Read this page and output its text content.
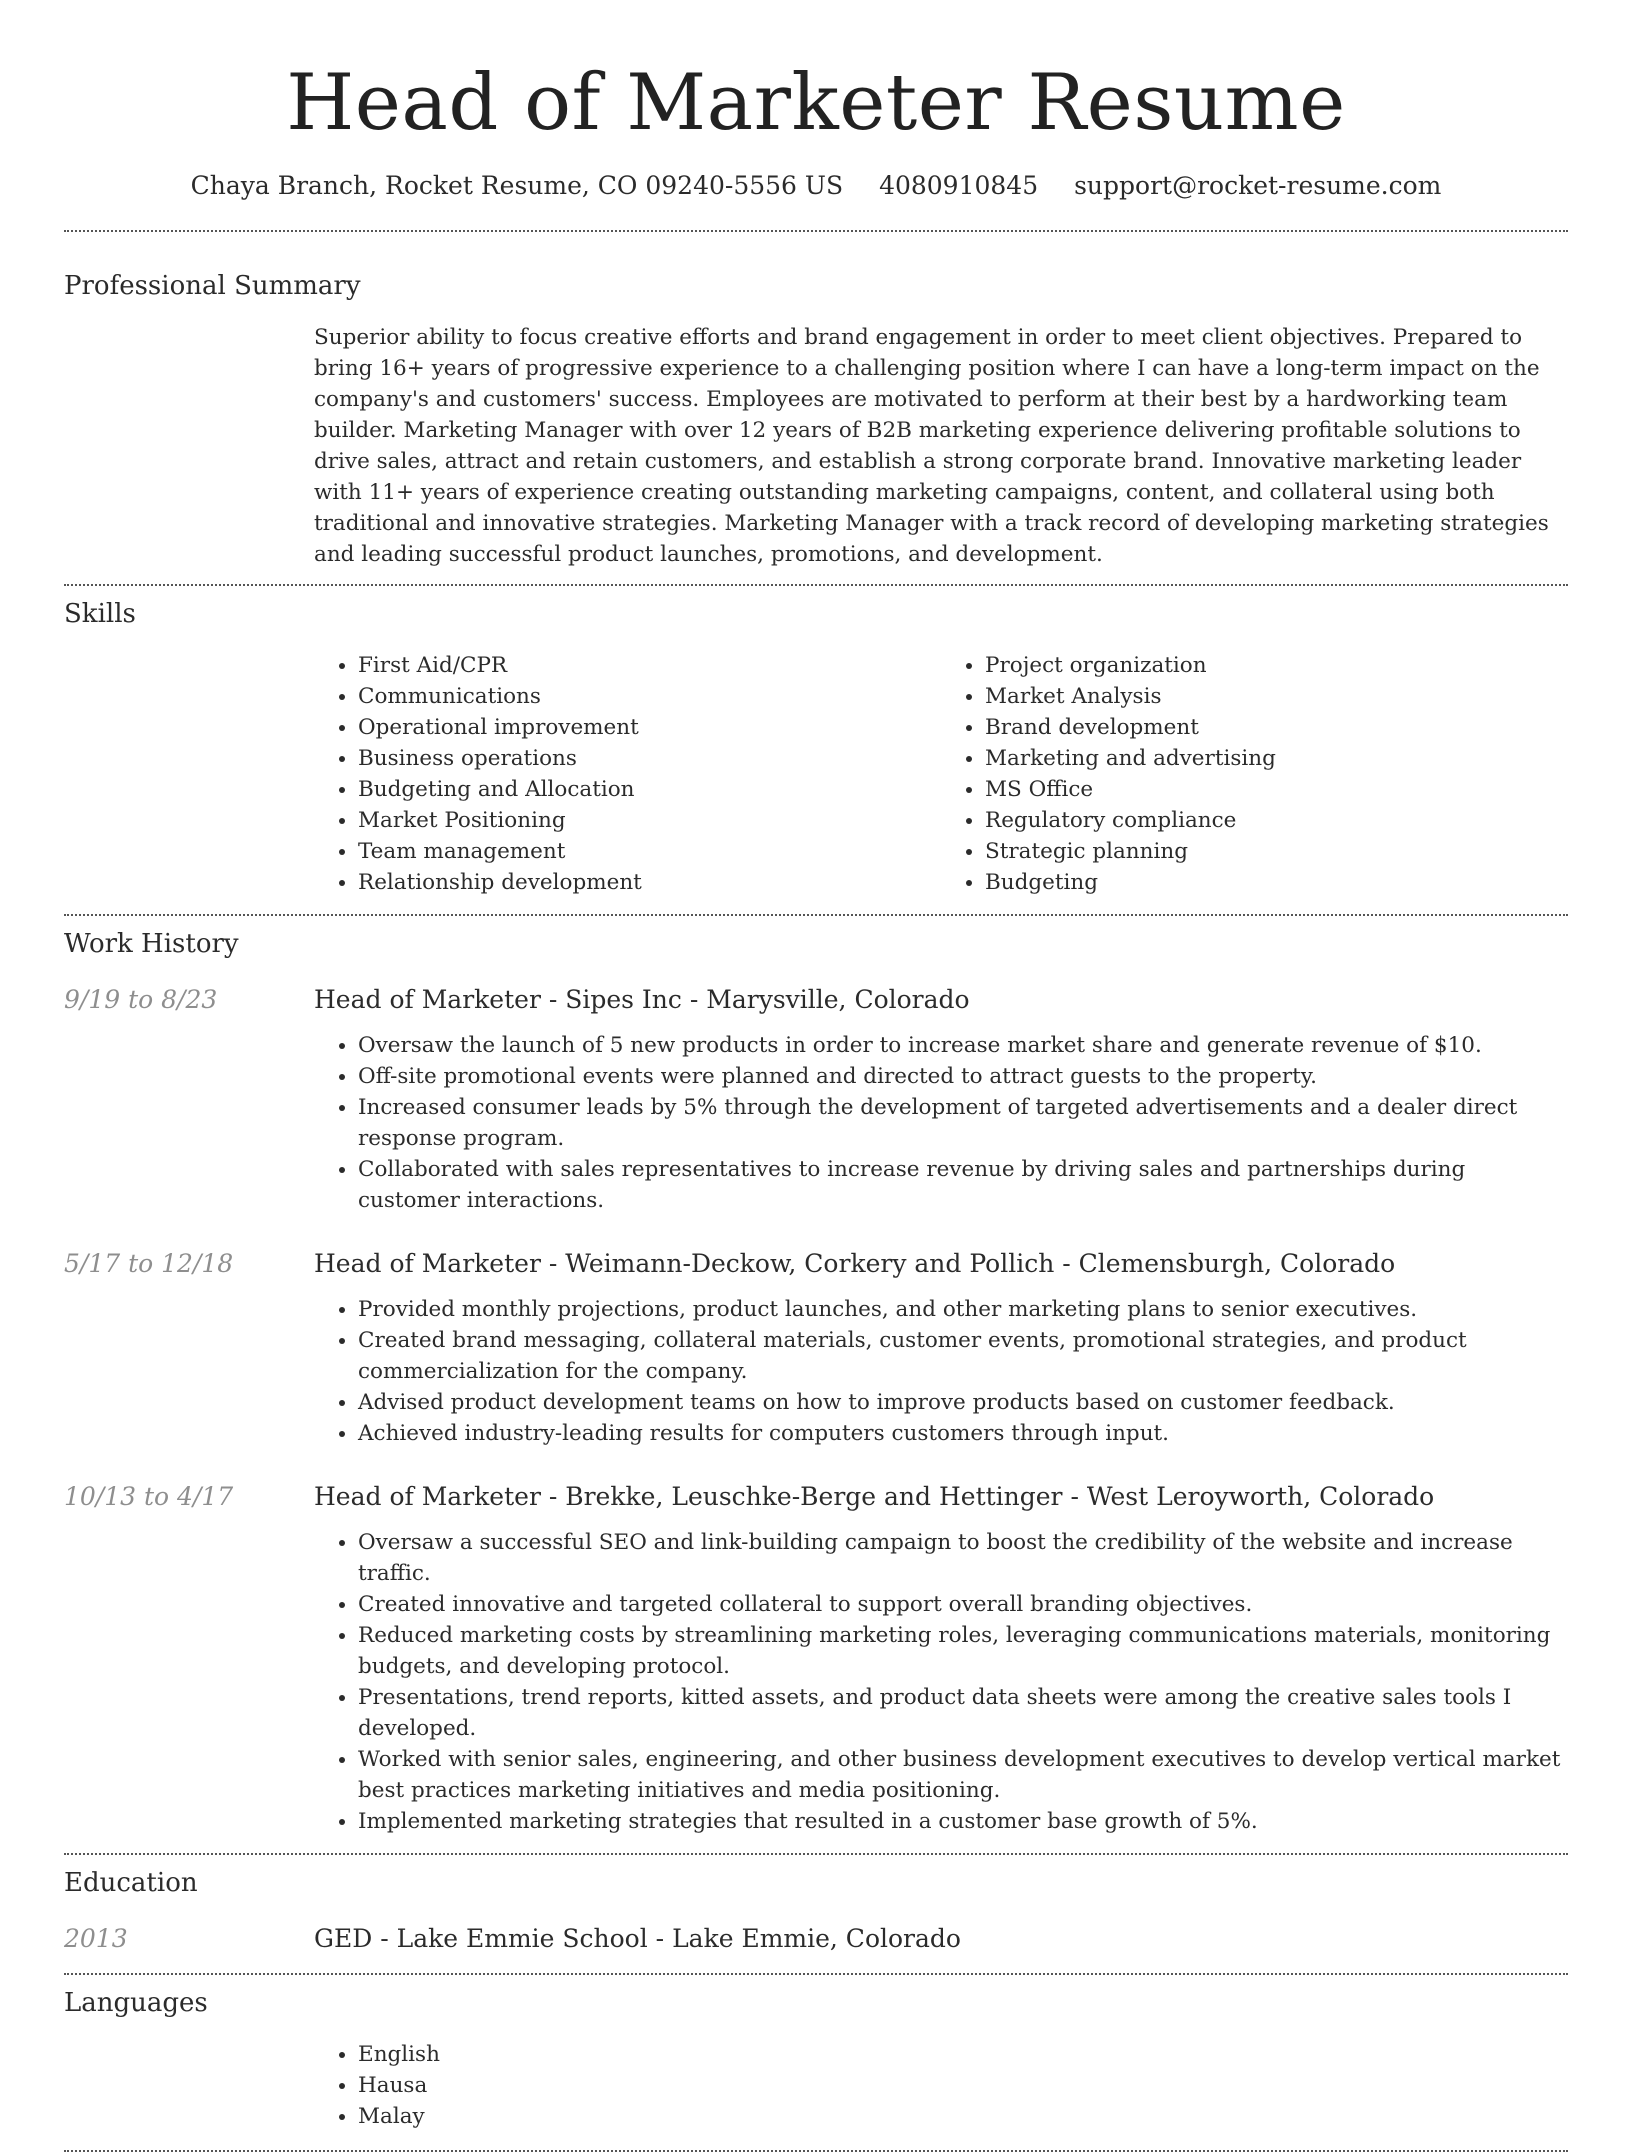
Head of Marketer Resume
Chaya Branch, Rocket Resume, CO 09240-5556 US 4080910845 support@rocket-resume.com
Professional Summary

Superior ability to focus creative efforts and brand engagement in order to meet client objectives. Prepared to bring 16+ years of progressive experience to a challenging position where I can have a long-term impact on the company's and customers' success. Employees are motivated to perform at their best by a hardworking team builder. Marketing Manager with over 12 years of B2B marketing experience delivering profitable solutions to drive sales, attract and retain customers, and establish a strong corporate brand. Innovative marketing leader with 11+ years of experience creating outstanding marketing campaigns, content, and collateral using both traditional and innovative strategies. Marketing Manager with a track record of developing marketing strategies and leading successful product launches, promotions, and development.

Skills
• First Aid/CPR
• Communications
• Operational improvement
• Business operations
• Budgeting and Allocation
• Market Positioning
• Team management
• Relationship development
• Project organization
• Market Analysis
• Brand development
• Marketing and advertising
• MS Office
• Regulatory compliance
• Strategic planning
• Budgeting
Work History
9/19 to 8/23	Head of Marketer - Sipes Inc - Marysville, Colorado
• Oversaw the launch of 5 new products in order to increase market share and generate revenue of $10.
• Off-site promotional events were planned and directed to attract guests to the property.
• Increased consumer leads by 5% through the development of targeted advertisements and a dealer direct response program.
• Collaborated with sales representatives to increase revenue by driving sales and partnerships during customer interactions.
5/17 to 12/18	Head of Marketer - Weimann-Deckow, Corkery and Pollich - Clemensburgh, Colorado
• Provided monthly projections, product launches, and other marketing plans to senior executives.
• Created brand messaging, collateral materials, customer events, promotional strategies, and product commercialization for the company.
• Advised product development teams on how to improve products based on customer feedback.
• Achieved industry-leading results for computers customers through input.
10/13 to 4/17	Head of Marketer - Brekke, Leuschke-Berge and Hettinger - West Leroyworth, Colorado
• Oversaw a successful SEO and link-building campaign to boost the credibility of the website and increase traffic.
• Created innovative and targeted collateral to support overall branding objectives.
• Reduced marketing costs by streamlining marketing roles, leveraging communications materials, monitoring budgets, and developing protocol.
• Presentations, trend reports, kitted assets, and product data sheets were among the creative sales tools I developed.
• Worked with senior sales, engineering, and other business development executives to develop vertical market best practices marketing initiatives and media positioning.
• Implemented marketing strategies that resulted in a customer base growth of 5%.
Education
2013	GED - Lake Emmie School - Lake Emmie, Colorado
Languages
• English
• Hausa
• Malay
